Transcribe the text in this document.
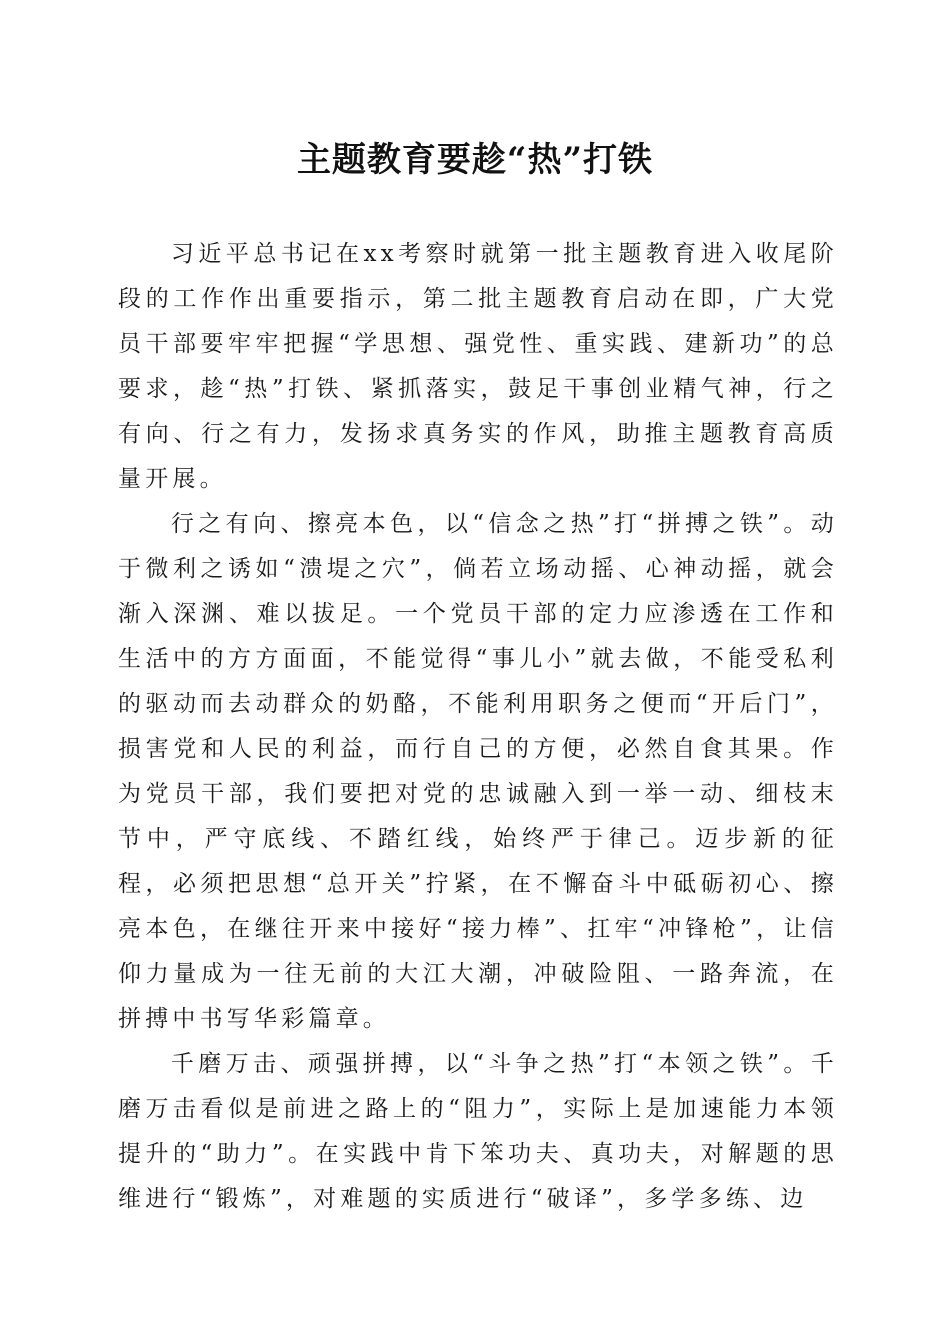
主题教育要趁“热”打铁

习近平总书记在xx考察时就第一批主题教育进入收尾阶段的工作作出重要指示，第二批主题教育启动在即，广大党员干部要牢牢把握“学思想、强党性、重实践、建新功”的总要求，趁“热”打铁、紧抓落实，鼓足干事创业精气神，行之有向、行之有力，发扬求真务实的作风，助推主题教育高质量开展。

行之有向、擦亮本色，以“信念之热”打“拼搏之铁”。动于微利之诱如“溃堤之穴”，倘若立场动摇、心神动摇，就会渐入深渊、难以拔足。一个党员干部的定力应渗透在工作和生活中的方方面面，不能觉得“事儿小”就去做，不能受私利的驱动而去动群众的奶酪，不能利用职务之便而“开后门”，损害党和人民的利益，而行自己的方便，必然自食其果。作为党员干部，我们要把对党的忠诚融入到一举一动、细枝末节中，严守底线、不踏红线，始终严于律己。迈步新的征程，必须把思想“总开关”拧紧，在不懈奋斗中砥砺初心、擦亮本色，在继往开来中接好“接力棒”、扛牢“冲锋枪”，让信仰力量成为一往无前的大江大潮，冲破险阻、一路奔流，在拼搏中书写华彩篇章。

千磨万击、顽强拼搏，以“斗争之热”打“本领之铁”。千磨万击看似是前进之路上的“阻力”，实际上是加速能力本领提升的“助力”。在实践中肯下笨功夫、真功夫，对解题的思维进行“锻炼”，对难题的实质进行“破译”，多学多练、边
